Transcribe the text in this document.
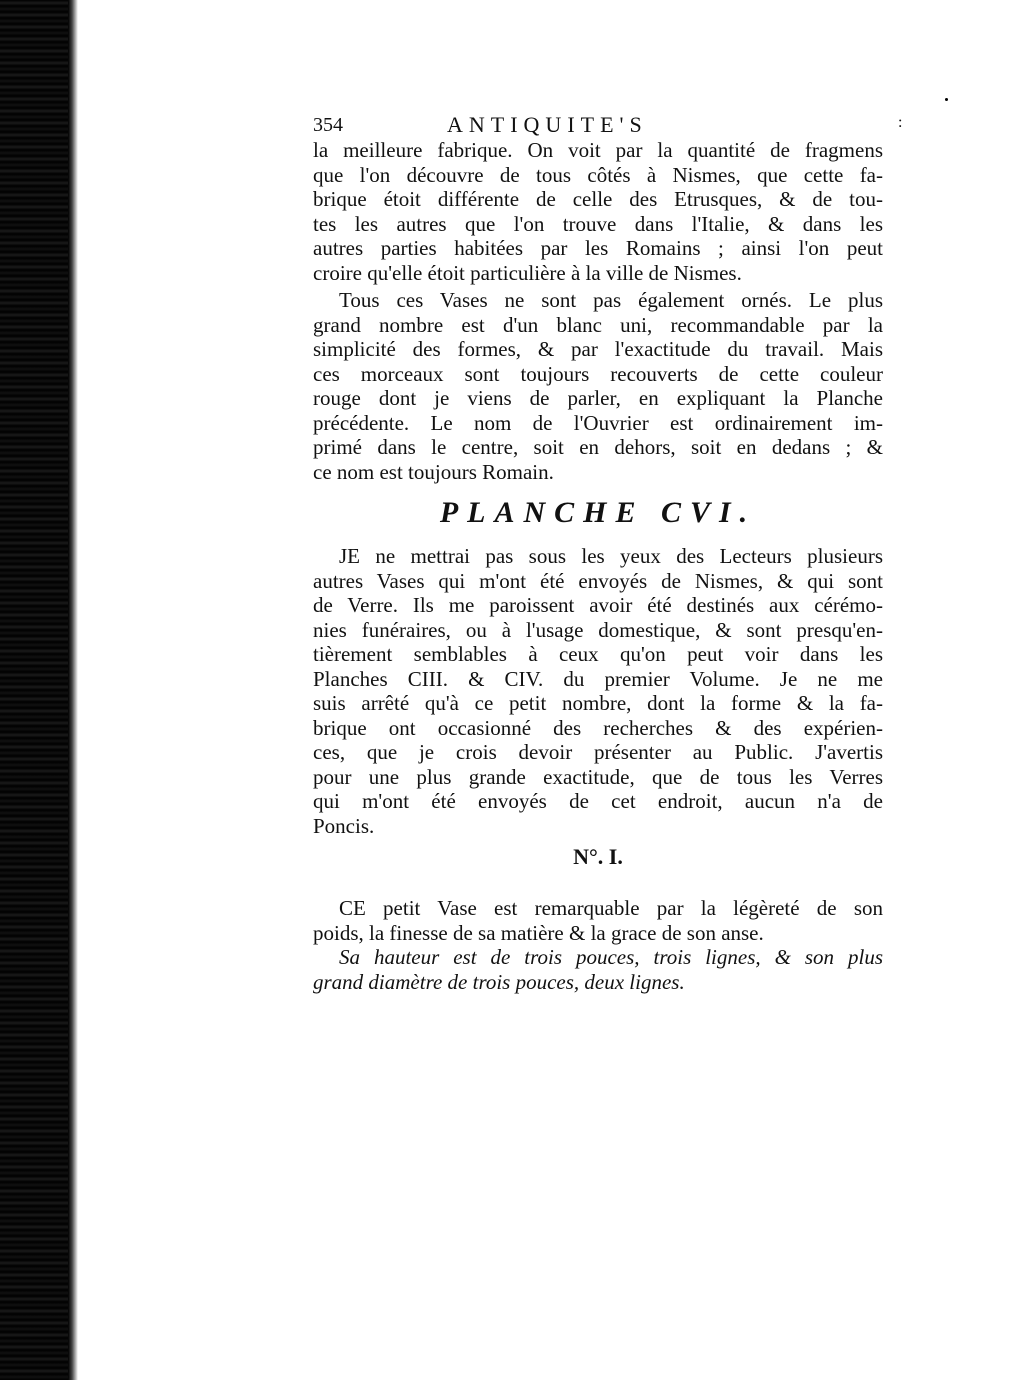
354	ANTIQUITE'S	:
la meilleure fabrique. On voit par la quantité de fragmens
que l'on découvre de tous côtés à Nismes, que cette fa-
brique étoit différente de celle des Etrusques, & de tou-
tes les autres que l'on trouve dans l'Italie, & dans les
autres parties habitées par les Romains ; ainsi l'on peut
croire qu'elle étoit particulière à la ville de Nismes.
Tous ces Vases ne sont pas également ornés. Le plus
grand nombre est d'un blanc uni, recommandable par la
simplicité des formes, & par l'exactitude du travail. Mais
ces morceaux sont toujours recouverts de cette couleur
rouge dont je viens de parler, en expliquant la Planche
précédente. Le nom de l'Ouvrier est ordinairement im-
primé dans le centre, soit en dehors, soit en dedans ; &
ce nom est toujours Romain.
PLANCHE CVI.
JE ne mettrai pas sous les yeux des Lecteurs plusieurs
autres Vases qui m'ont été envoyés de Nismes, & qui sont
de Verre. Ils me paroissent avoir été destinés aux cérémo-
nies funéraires, ou à l'usage domestique, & sont presqu'en-
tièrement semblables à ceux qu'on peut voir dans les
Planches CIII. & CIV. du premier Volume. Je ne me
suis arrêté qu'à ce petit nombre, dont la forme & la fa-
brique ont occasionné des recherches & des expérien-
ces, que je crois devoir présenter au Public. J'avertis
pour une plus grande exactitude, que de tous les Verres
qui m'ont été envoyés de cet endroit, aucun n'a de
Poncis.
N°. I.
CE petit Vase est remarquable par la légèreté de son
poids, la finesse de sa matière & la grace de son anse.
Sa hauteur est de trois pouces, trois lignes, & son plus
grand diamètre de trois pouces, deux lignes.
